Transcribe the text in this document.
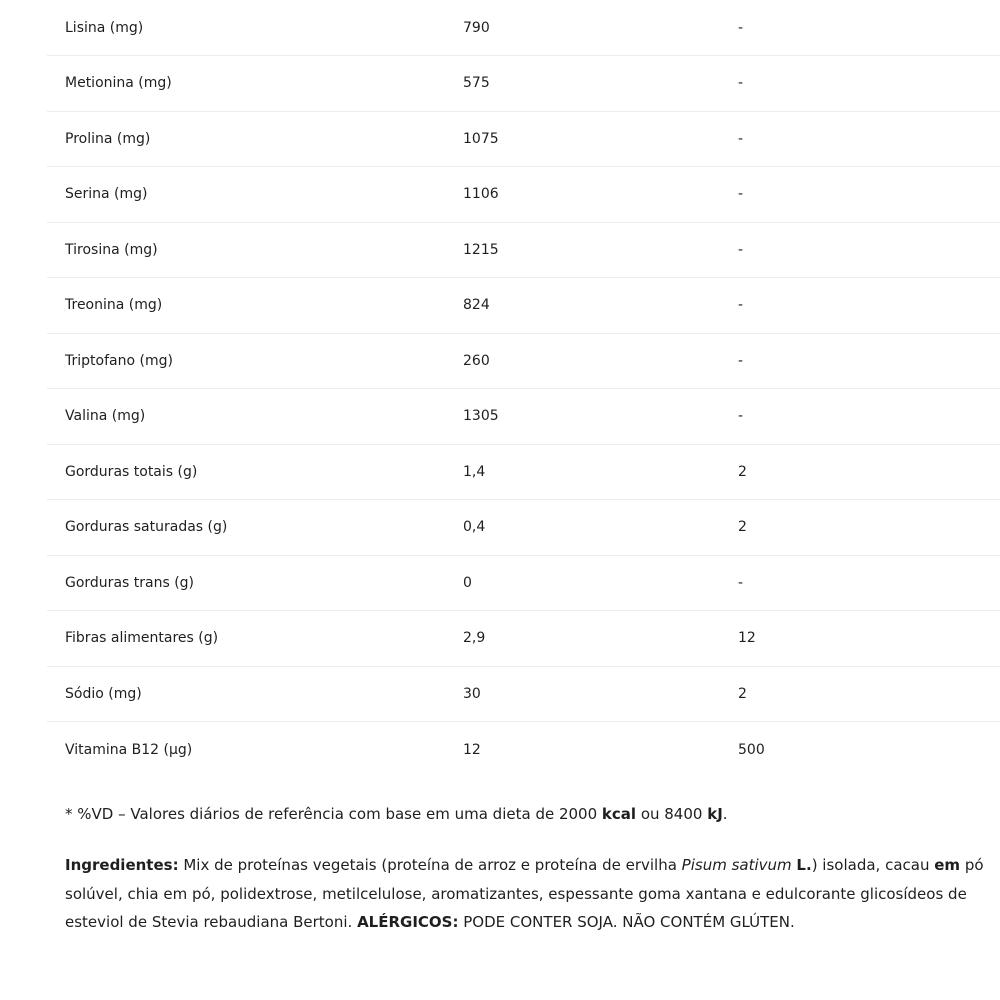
Lisina (mg)	790	-
Metionina (mg)	575	-
Prolina (mg)	1075	-
Serina (mg)	1106	-
Tirosina (mg)	1215	-
Treonina (mg)	824	-
Triptofano (mg)	260	-
Valina (mg)	1305	-
Gorduras totais (g)	1,4	2
Gorduras saturadas (g)	0,4	2
Gorduras trans (g)	0	-
Fibras alimentares (g)	2,9	12
Sódio (mg)	30	2
Vitamina B12 (µg)	12	500

* %VD – Valores diários de referência com base em uma dieta de 2000 kcal ou 8400 kJ.

Ingredientes: Mix de proteínas vegetais (proteína de arroz e proteína de ervilha Pisum sativum L.) isolada, cacau em pó solúvel, chia em pó, polidextrose, metilcelulose, aromatizantes, espessante goma xantana e edulcorante glicosídeos de esteviol de Stevia rebaudiana Bertoni. ALÉRGICOS: PODE CONTER SOJA. NÃO CONTÉM GLÚTEN.
